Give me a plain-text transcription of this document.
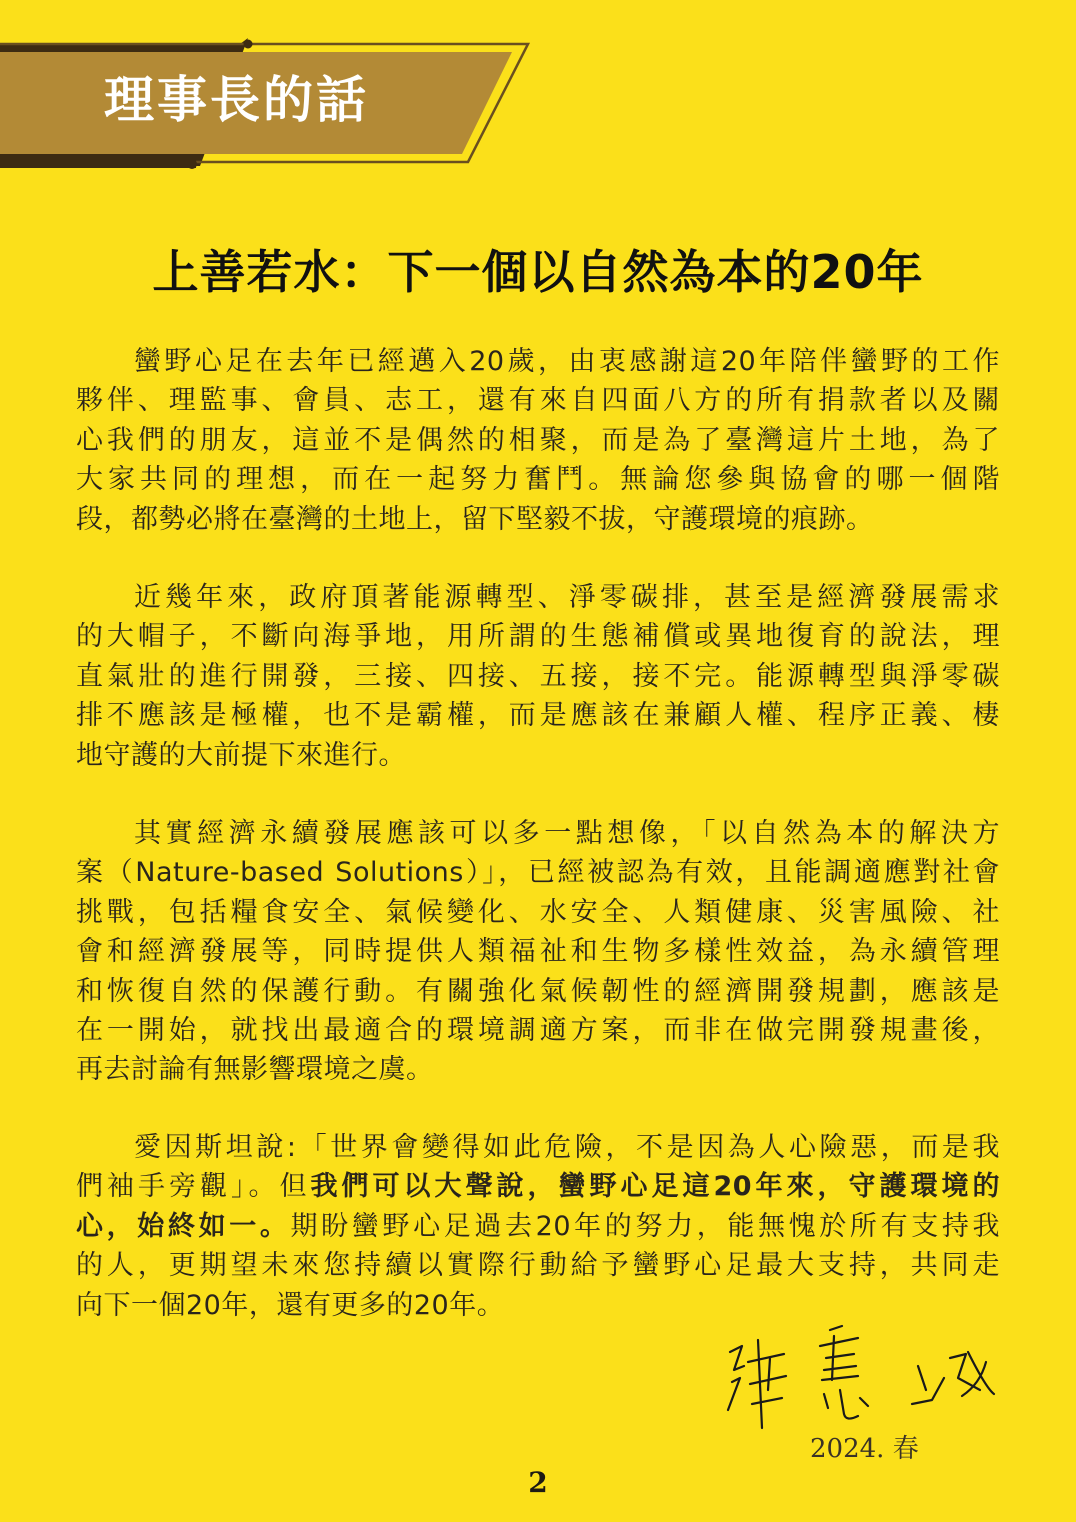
理事長的話
上善若水：下一個以自然為本的20年
蠻野心足在去年已經邁入20歲，由衷感謝這20年陪伴蠻野的工作
夥伴、理監事、會員、志工，還有來自四面八方的所有捐款者以及關
心我們的朋友，這並不是偶然的相聚，而是為了臺灣這片土地，為了
大家共同的理想，而在一起努力奮鬥。無論您參與協會的哪一個階
段，都勢必將在臺灣的土地上，留下堅毅不拔，守護環境的痕跡。
近幾年來，政府頂著能源轉型、淨零碳排，甚至是經濟發展需求
的大帽子，不斷向海爭地，用所謂的生態補償或異地復育的說法，理
直氣壯的進行開發，三接、四接、五接，接不完。能源轉型與淨零碳
排不應該是極權，也不是霸權，而是應該在兼顧人權、程序正義、棲
地守護的大前提下來進行。
其實經濟永續發展應該可以多一點想像，「以自然為本的解決方
案（Nature-based Solutions）」，已經被認為有效，且能調適應對社會
挑戰，包括糧食安全、氣候變化、水安全、人類健康、災害風險、社
會和經濟發展等，同時提供人類福祉和生物多樣性效益，為永續管理
和恢復自然的保護行動。有關強化氣候韌性的經濟開發規劃，應該是
在一開始，就找出最適合的環境調適方案，而非在做完開發規畫後，
再去討論有無影響環境之虞。
愛因斯坦說:「世界會變得如此危險，不是因為人心險惡，而是我
們袖手旁觀」。但我們可以大聲說，蠻野心足這20年來，守護環境的
心，始終如一。期盼蠻野心足過去20年的努力，能無愧於所有支持我
的人，更期望未來您持續以實際行動給予蠻野心足最大支持，共同走
向下一個20年，還有更多的20年。
2024. 春
2
